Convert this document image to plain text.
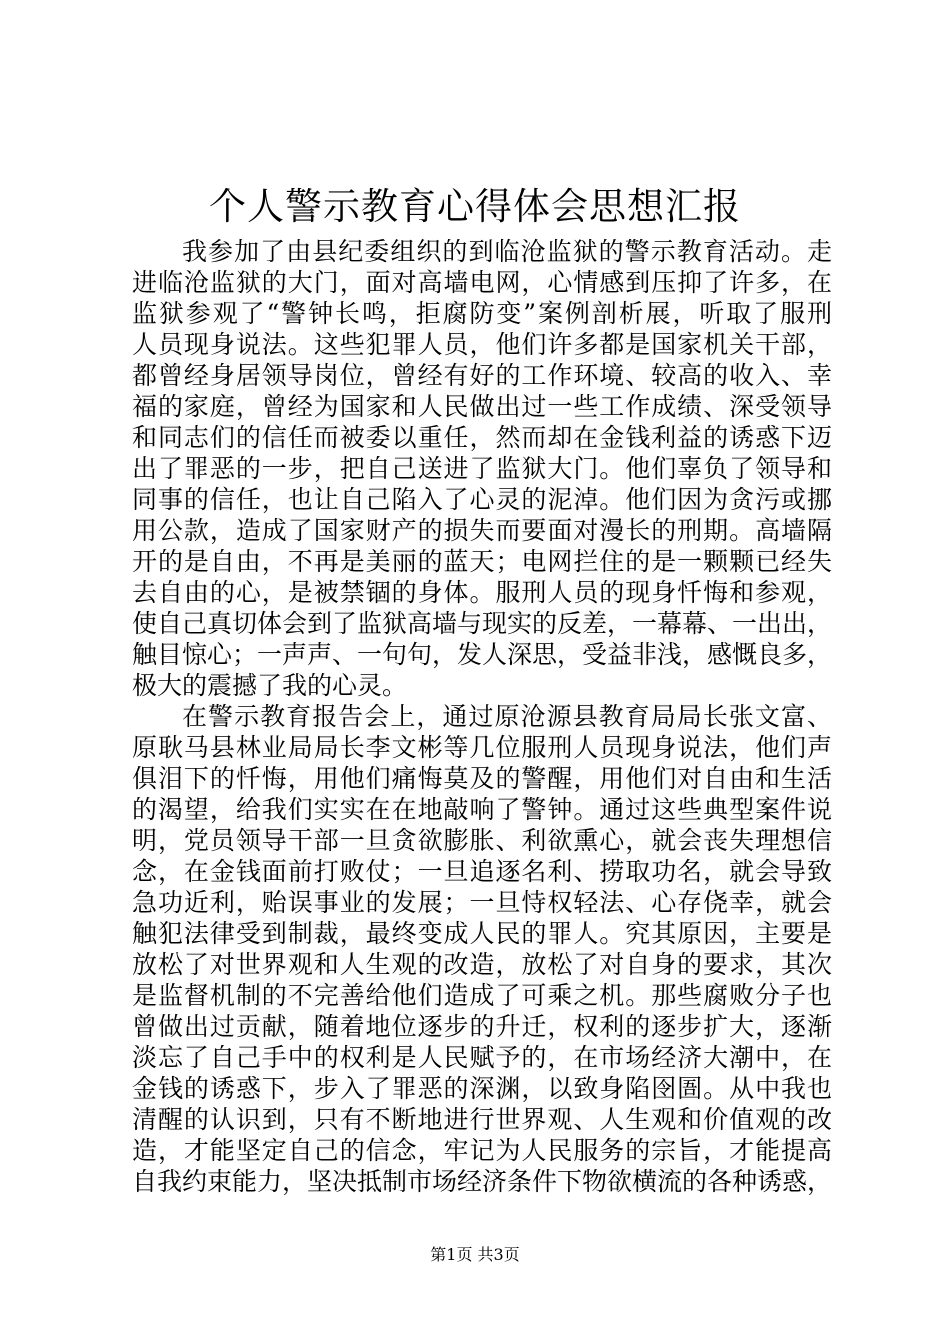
个人警示教育心得体会思想汇报
我参加了由县纪委组织的到临沧监狱的警示教育活动。走
进临沧监狱的大门，面对高墙电网，心情感到压抑了许多，在
监狱参观了“警钟长鸣，拒腐防变”案例剖析展，听取了服刑
人员现身说法。这些犯罪人员，他们许多都是国家机关干部，
都曾经身居领导岗位，曾经有好的工作环境、较高的收入、幸
福的家庭，曾经为国家和人民做出过一些工作成绩、深受领导
和同志们的信任而被委以重任，然而却在金钱利益的诱惑下迈
出了罪恶的一步，把自己送进了监狱大门。他们辜负了领导和
同事的信任，也让自己陷入了心灵的泥淖。他们因为贪污或挪
用公款，造成了国家财产的损失而要面对漫长的刑期。高墙隔
开的是自由，不再是美丽的蓝天；电网拦住的是一颗颗已经失
去自由的心，是被禁锢的身体。服刑人员的现身忏悔和参观，
使自己真切体会到了监狱高墙与现实的反差，一幕幕、一出出，
触目惊心；一声声、一句句，发人深思，受益非浅，感慨良多，
极大的震撼了我的心灵。
在警示教育报告会上，通过原沧源县教育局局长张文富、
原耿马县林业局局长李文彬等几位服刑人员现身说法，他们声
俱泪下的忏悔，用他们痛悔莫及的警醒，用他们对自由和生活
的渴望，给我们实实在在地敲响了警钟。通过这些典型案件说
明，党员领导干部一旦贪欲膨胀、利欲熏心，就会丧失理想信
念，在金钱面前打败仗；一旦追逐名利、捞取功名，就会导致
急功近利，贻误事业的发展；一旦恃权轻法、心存侥幸，就会
触犯法律受到制裁，最终变成人民的罪人。究其原因，主要是
放松了对世界观和人生观的改造，放松了对自身的要求，其次
是监督机制的不完善给他们造成了可乘之机。那些腐败分子也
曾做出过贡献，随着地位逐步的升迁，权利的逐步扩大，逐渐
淡忘了自己手中的权利是人民赋予的，在市场经济大潮中，在
金钱的诱惑下，步入了罪恶的深渊，以致身陷囹圄。从中我也
清醒的认识到，只有不断地进行世界观、人生观和价值观的改
造，才能坚定自己的信念，牢记为人民服务的宗旨，才能提高
自我约束能力，坚决抵制市场经济条件下物欲横流的各种诱惑，
第1页 共3页
